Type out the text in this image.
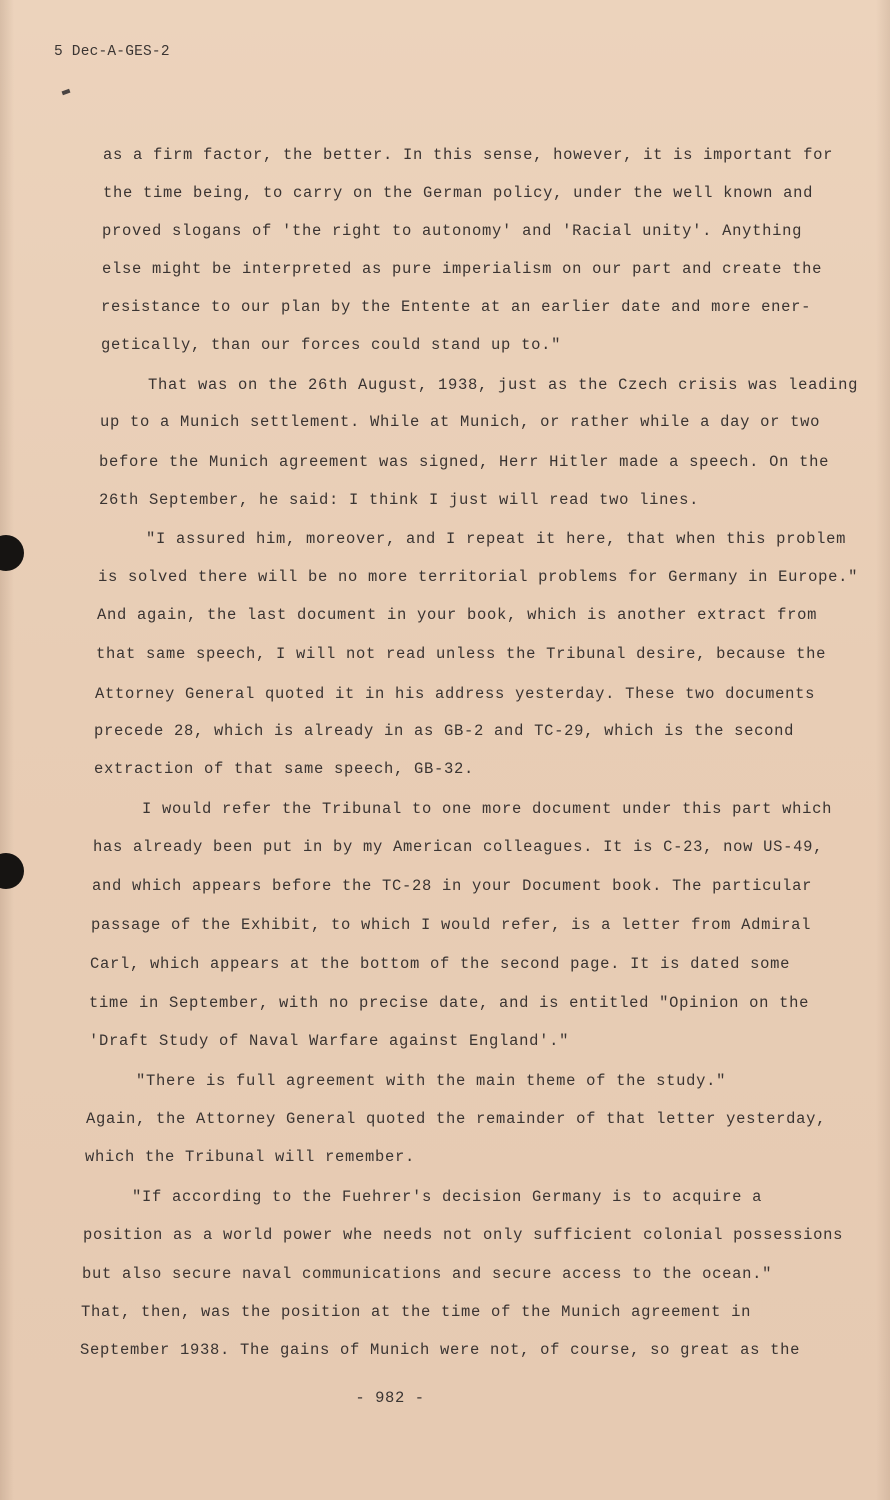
5 Dec-A-GES-2
as a firm factor, the better. In this sense, however, it is important for
the time being, to carry on the German policy, under the well known and
proved slogans of 'the right to autonomy' and 'Racial unity'. Anything
else might be interpreted as pure imperialism on our part and create the
resistance to our plan by the Entente at an earlier date and more ener-
getically, than our forces could stand up to."
That was on the 26th August, 1938, just as the Czech crisis was leading
up to a Munich settlement. While at Munich, or rather while a day or two
before the Munich agreement was signed, Herr Hitler made a speech. On the
26th September, he said: I think I just will read two lines.
"I assured him, moreover, and I repeat it here, that when this problem
is solved there will be no more territorial problems for Germany in Europe."
And again, the last document in your book, which is another extract from
that same speech, I will not read unless the Tribunal desire, because the
Attorney General quoted it in his address yesterday. These two documents
precede 28, which is already in as GB-2 and TC-29, which is the second
extraction of that same speech, GB-32.
I would refer the Tribunal to one more document under this part which
has already been put in by my American colleagues. It is C-23, now US-49,
and which appears before the TC-28 in your Document book. The particular
passage of the Exhibit, to which I would refer, is a letter from Admiral
Carl, which appears at the bottom of the second page. It is dated some
time in September, with no precise date, and is entitled "Opinion on the
'Draft Study of Naval Warfare against England'."
"There is full agreement with the main theme of the study."
Again, the Attorney General quoted the remainder of that letter yesterday,
which the Tribunal will remember.
"If according to the Fuehrer's decision Germany is to acquire a
position as a world power whe needs not only sufficient colonial possessions
but also secure naval communications and secure access to the ocean."
That, then, was the position at the time of the Munich agreement in
September 1938. The gains of Munich were not, of course, so great as the
- 982 -
